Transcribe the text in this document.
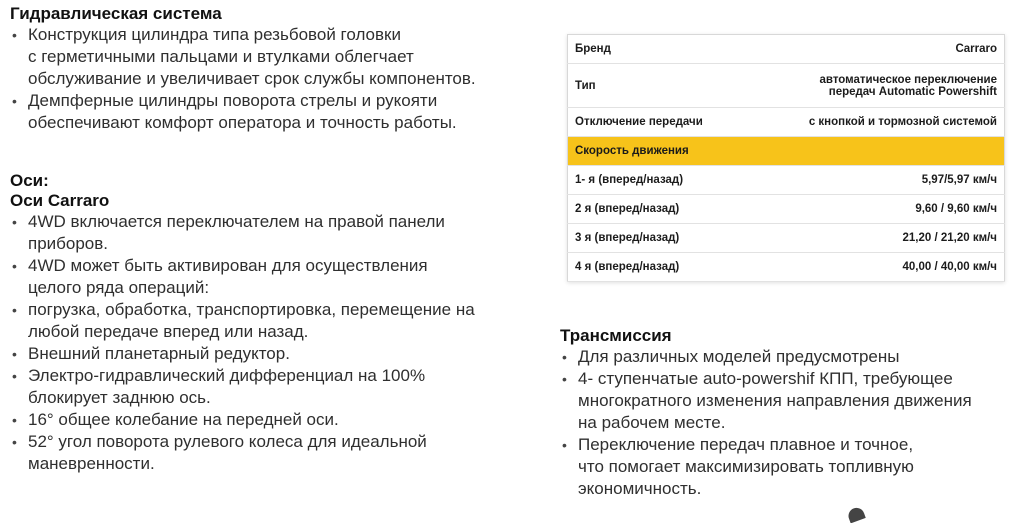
Гидравлическая система
• Конструкция цилиндра типа резьбовой головки
с герметичными пальцами и втулками облегчает
обслуживание и увеличивает срок службы компонентов.
• Демпферные цилиндры поворота стрелы и рукояти
обеспечивают комфорт оператора и точность работы.
Оси:
Оси Carraro
• 4WD включается переключателем на правой панели
приборов.
• 4WD может быть активирован для осуществления
целого ряда операций:
• погрузка, обработка, транспортировка, перемещение на
любой передаче вперед или назад.
• Внешний планетарный редуктор.
• Электро-гидравлический дифференциал на 100%
блокирует заднюю ось.
• 16° общее колебание на передней оси.
• 52° угол поворота рулевого колеса для идеальной
маневренности.
Бренд	Carraro
Тип	автоматическое переключение
передач Automatic Powershift
Отключение передачи	с кнопкой и тормозной системой
Скорость движения	
1- я (вперед/назад)	5,97/5,97 км/ч
2 я (вперед/назад)	9,60 / 9,60 км/ч
3 я (вперед/назад)	21,20 / 21,20 км/ч
4 я (вперед/назад)	40,00 / 40,00 км/ч
Трансмиссия
• Для различных моделей предусмотрены
• 4- ступенчатые auto-powershif КПП, требующее
многократного изменения направления движения
на рабочем месте.
• Переключение передач плавное и точное,
что помогает максимизировать топливную
экономичность.
